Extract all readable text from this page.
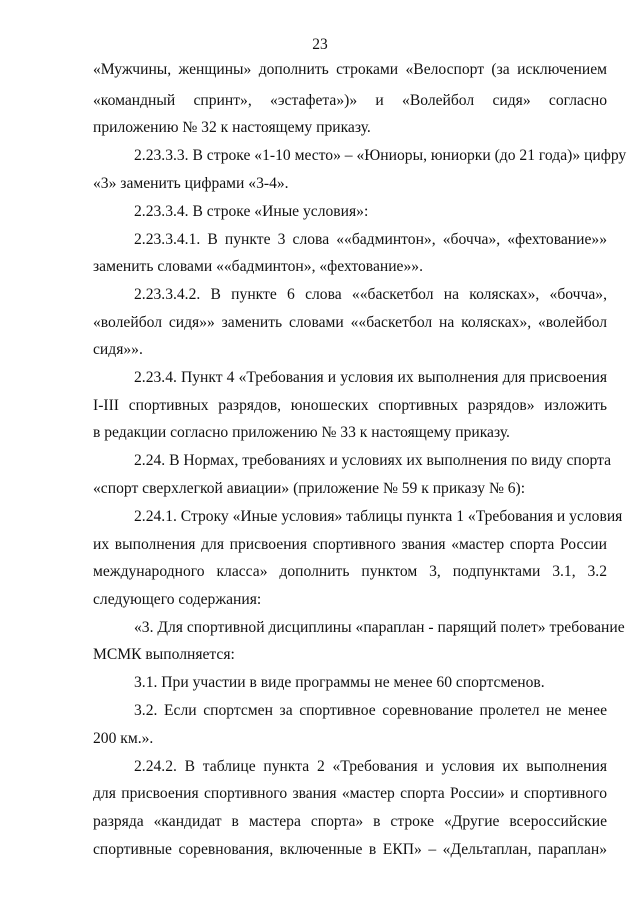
23
«Мужчины, женщины» дополнить строками «Велоспорт (за исключением
«командный спринт», «эстафета»)» и «Волейбол сидя» согласно
приложению № 32 к настоящему приказу.
2.23.3.3. В строке «1-10 место» – «Юниоры, юниорки (до 21 года)» цифру
«3» заменить цифрами «3-4».
2.23.3.4. В строке «Иные условия»:
2.23.3.4.1. В пункте 3 слова ««бадминтон», «бочча», «фехтование»»
заменить словами ««бадминтон», «фехтование»».
2.23.3.4.2. В пункте 6 слова ««баскетбол на колясках», «бочча»,
«волейбол сидя»» заменить словами ««баскетбол на колясках», «волейбол
сидя»».
2.23.4. Пункт 4 «Требования и условия их выполнения для присвоения
I-III спортивных разрядов, юношеских спортивных разрядов» изложить
в редакции согласно приложению № 33 к настоящему приказу.
2.24. В Нормах, требованиях и условиях их выполнения по виду спорта
«спорт сверхлегкой авиации» (приложение № 59 к приказу № 6):
2.24.1. Строку «Иные условия» таблицы пункта 1 «Требования и условия
их выполнения для присвоения спортивного звания «мастер спорта России
международного класса» дополнить пунктом 3, подпунктами 3.1, 3.2
следующего содержания:
«3. Для спортивной дисциплины «параплан - парящий полет» требование
МСМК выполняется:
3.1. При участии в виде программы не менее 60 спортсменов.
3.2. Если спортсмен за спортивное соревнование пролетел не менее
200 км.».
2.24.2. В таблице пункта 2 «Требования и условия их выполнения
для присвоения спортивного звания «мастер спорта России» и спортивного
разряда «кандидат в мастера спорта» в строке «Другие всероссийские
спортивные соревнования, включенные в ЕКП» – «Дельтаплан, параплан»
